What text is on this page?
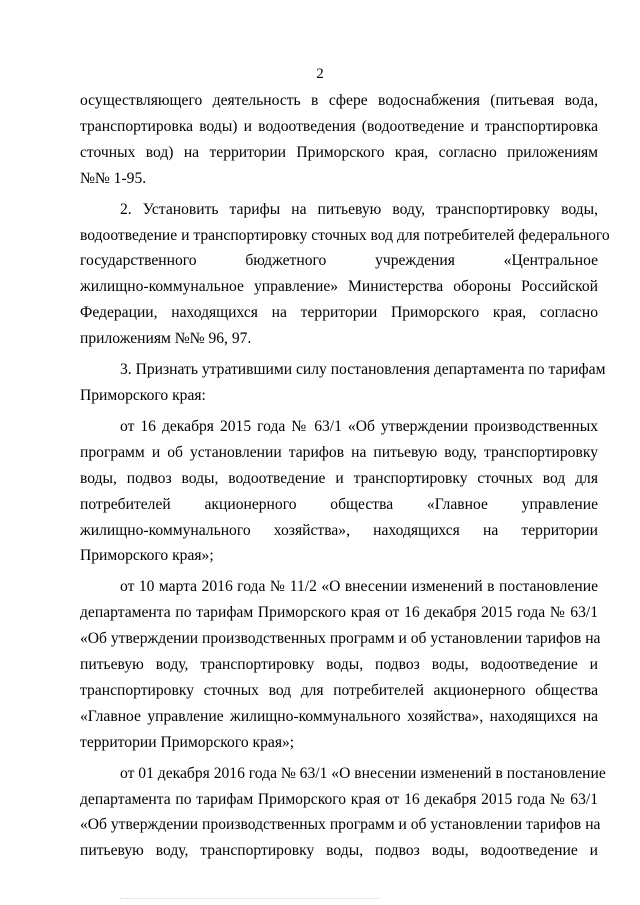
2

осуществляющего деятельность в сфере водоснабжения (питьевая вода,
транспортировка воды) и водоотведения (водоотведение и транспортировка
сточных вод) на территории Приморского края, согласно приложениям
№№ 1-95.

2. Установить тарифы на питьевую воду, транспортировку воды,
водоотведение и транспортировку сточных вод для потребителей федерального
государственного бюджетного учреждения «Центральное
жилищно-коммунальное управление» Министерства обороны Российской
Федерации, находящихся на территории Приморского края, согласно
приложениям №№ 96, 97.

3. Признать утратившими силу постановления департамента по тарифам
Приморского края:

от 16 декабря 2015 года № 63/1 «Об утверждении производственных
программ и об установлении тарифов на питьевую воду, транспортировку
воды, подвоз воды, водоотведение и транспортировку сточных вод для
потребителей акционерного общества «Главное управление
жилищно-коммунального хозяйства», находящихся на территории
Приморского края»;

от 10 марта 2016 года № 11/2 «О внесении изменений в постановление
департамента по тарифам Приморского края от 16 декабря 2015 года № 63/1
«Об утверждении производственных программ и об установлении тарифов на
питьевую воду, транспортировку воды, подвоз воды, водоотведение и
транспортировку сточных вод для потребителей акционерного общества
«Главное управление жилищно-коммунального хозяйства», находящихся на
территории Приморского края»;

от 01 декабря 2016 года № 63/1 «О внесении изменений в постановление
департамента по тарифам Приморского края от 16 декабря 2015 года № 63/1
«Об утверждении производственных программ и об установлении тарифов на
питьевую воду, транспортировку воды, подвоз воды, водоотведение и
